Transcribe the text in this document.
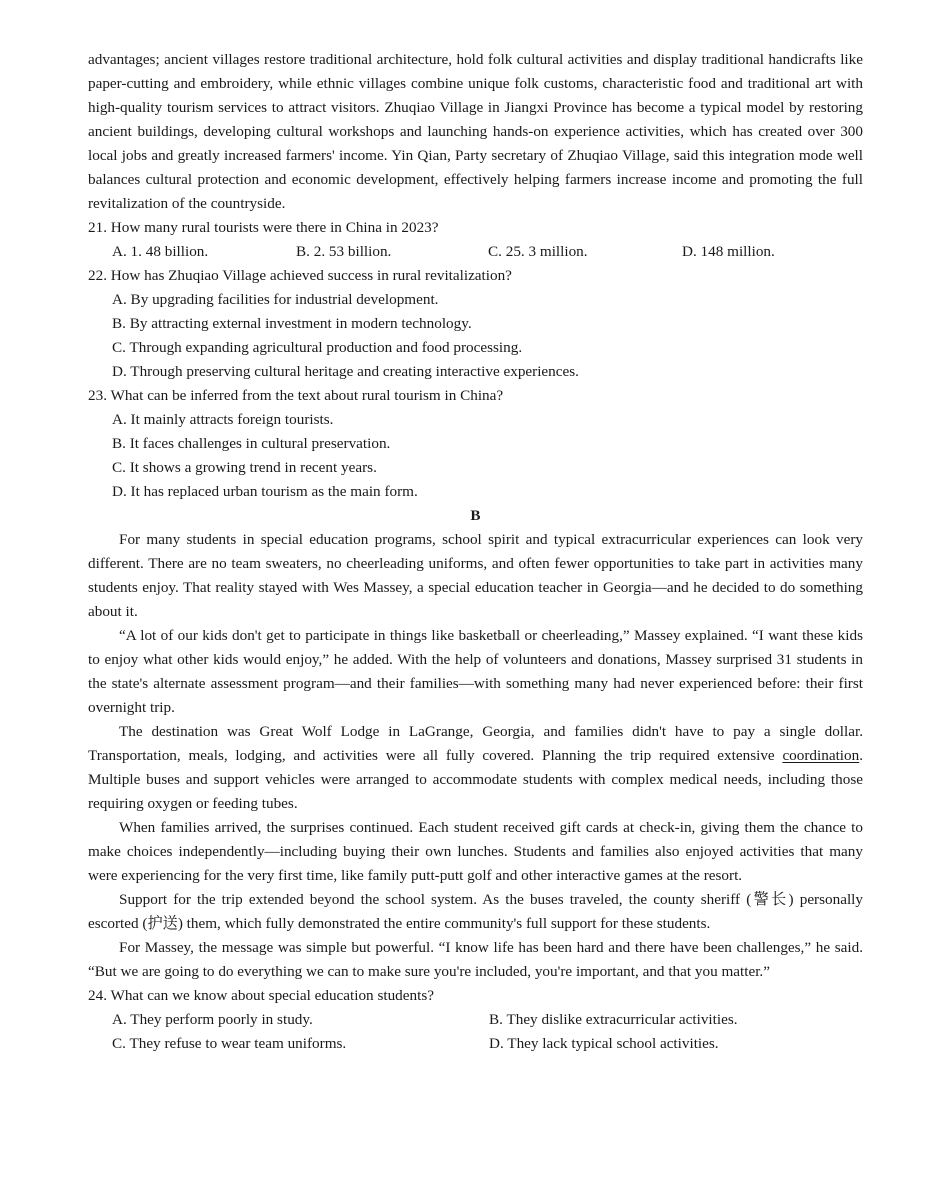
advantages; ancient villages restore traditional architecture, hold folk cultural activities and display traditional handicrafts like paper-cutting and embroidery, while ethnic villages combine unique folk customs, characteristic food and traditional art with high-quality tourism services to attract visitors. Zhuqiao Village in Jiangxi Province has become a typical model by restoring ancient buildings, developing cultural workshops and launching hands-on experience activities, which has created over 300 local jobs and greatly increased farmers' income. Yin Qian, Party secretary of Zhuqiao Village, said this integration mode well balances cultural protection and economic development, effectively helping farmers increase income and promoting the full revitalization of the countryside.

21. How many rural tourists were there in China in 2023?

A. 1. 48 billion.	B. 2. 53 billion.	C. 25. 3 million.	D. 148 million.

22. How has Zhuqiao Village achieved success in rural revitalization?

A. By upgrading facilities for industrial development.

B. By attracting external investment in modern technology.

C. Through expanding agricultural production and food processing.

D. Through preserving cultural heritage and creating interactive experiences.

23. What can be inferred from the text about rural tourism in China?

A. It mainly attracts foreign tourists.

B. It faces challenges in cultural preservation.

C. It shows a growing trend in recent years.

D. It has replaced urban tourism as the main form.

B

For many students in special education programs, school spirit and typical extracurricular experiences can look very different. There are no team sweaters, no cheerleading uniforms, and often fewer opportunities to take part in activities many students enjoy. That reality stayed with Wes Massey, a special education teacher in Georgia—and he decided to do something about it.

“A lot of our kids don't get to participate in things like basketball or cheerleading,” Massey explained. “I want these kids to enjoy what other kids would enjoy,” he added. With the help of volunteers and donations, Massey surprised 31 students in the state's alternate assessment program—and their families—with something many had never experienced before: their first overnight trip.

The destination was Great Wolf Lodge in LaGrange, Georgia, and families didn't have to pay a single dollar. Transportation, meals, lodging, and activities were all fully covered. Planning the trip required extensive coordination. Multiple buses and support vehicles were arranged to accommodate students with complex medical needs, including those requiring oxygen or feeding tubes.

When families arrived, the surprises continued. Each student received gift cards at check-in, giving them the chance to make choices independently—including buying their own lunches. Students and families also enjoyed activities that many were experiencing for the very first time, like family putt-putt golf and other interactive games at the resort.

Support for the trip extended beyond the school system. As the buses traveled, the county sheriff (警长) personally escorted (护送) them, which fully demonstrated the entire community's full support for these students.

For Massey, the message was simple but powerful. “I know life has been hard and there have been challenges,” he said. “But we are going to do everything we can to make sure you're included, you're important, and that you matter.”

24. What can we know about special education students?

A. They perform poorly in study.	B. They dislike extracurricular activities.
C. They refuse to wear team uniforms.	D. They lack typical school activities.
